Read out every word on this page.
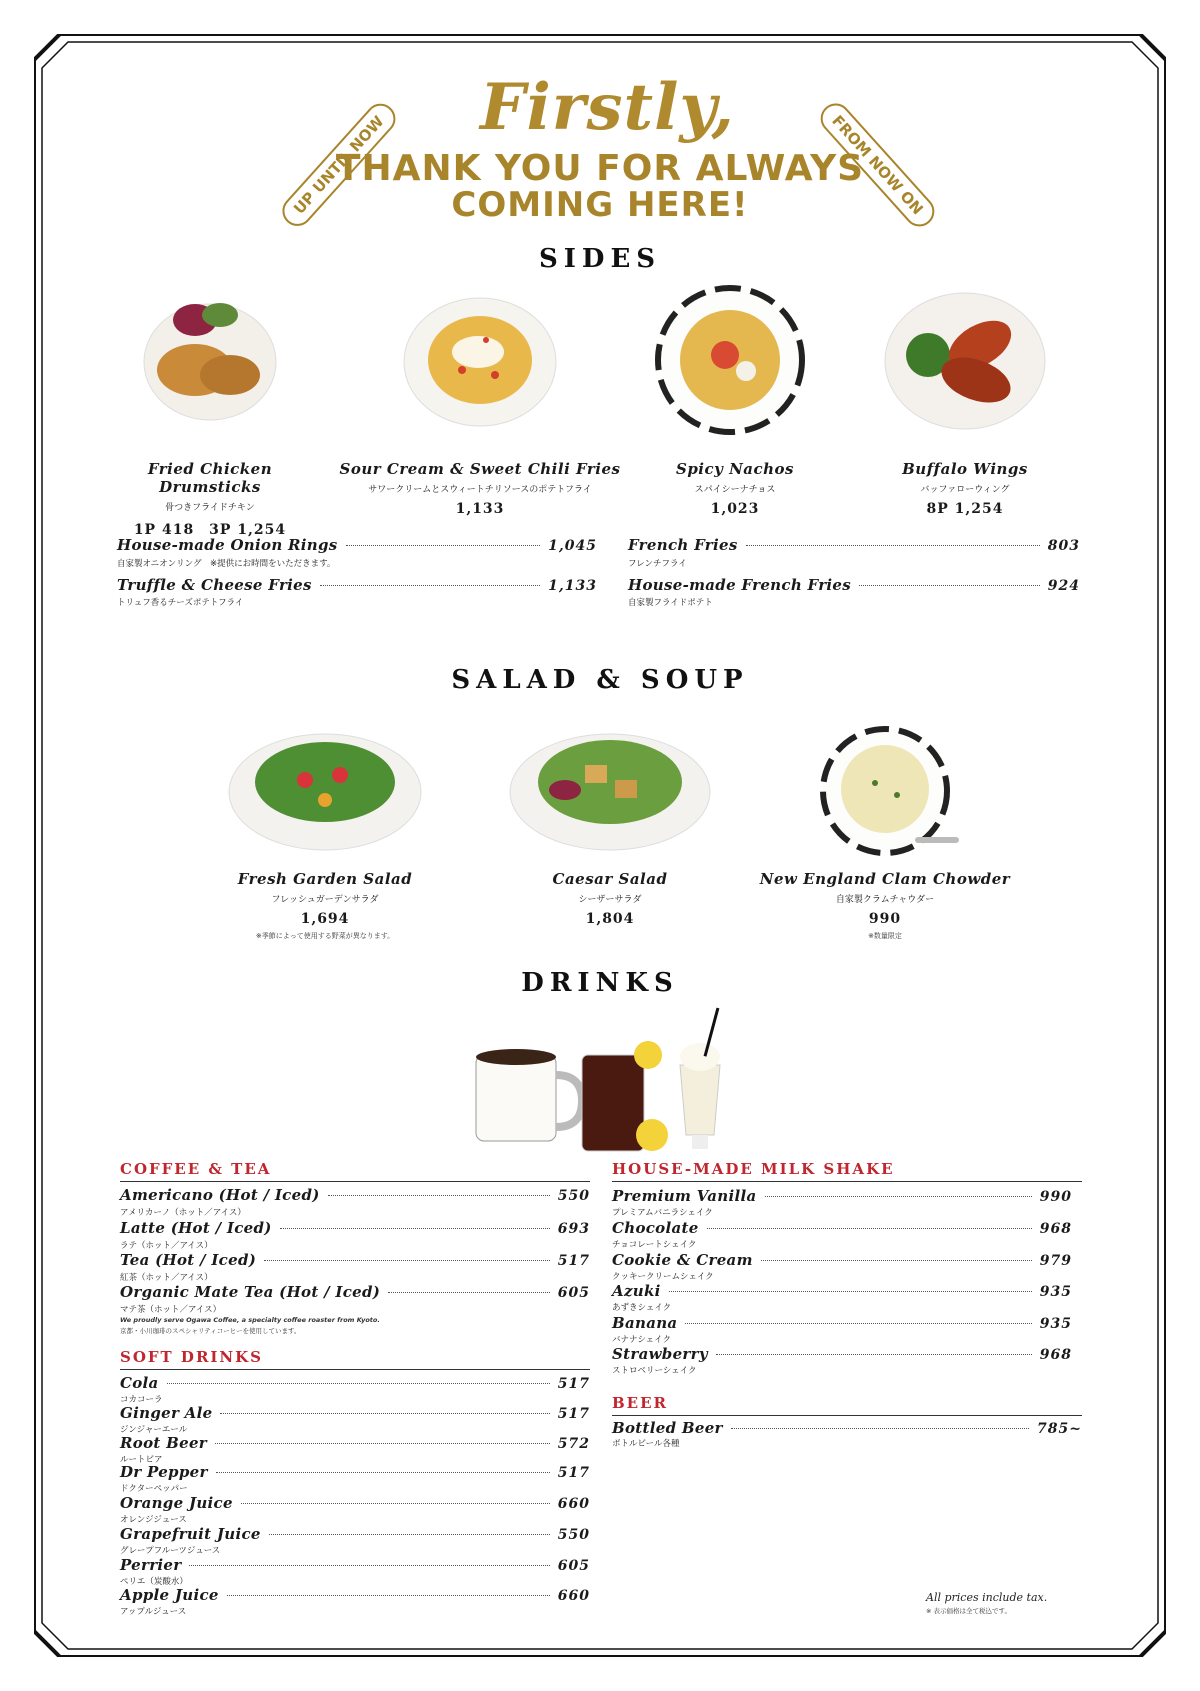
Firstly,
UP UNTIL NOW	FROM NOW ON
THANK YOU FOR ALWAYS
COMING HERE!
SIDES
Fried Chicken Drumsticks
骨つきフライドチキン
1P 418　3P 1,254
Sour Cream & Sweet Chili Fries
サワークリームとスウィートチリソースのポテトフライ
1,133
Spicy Nachos
スパイシーナチョス
1,023
Buffalo Wings
バッファローウィング
8P 1,254
House-made Onion Rings	1,045
自家製オニオンリング　※提供にお時間をいただきます。
Truffle & Cheese Fries	1,133
トリュフ香るチーズポテトフライ
French Fries	803
フレンチフライ
House-made French Fries	924
自家製フライドポテト
SALAD & SOUP
Fresh Garden Salad
フレッシュガーデンサラダ
1,694
※季節によって使用する野菜が異なります。
Caesar Salad
シーザーサラダ
1,804
New England Clam Chowder
自家製クラムチャウダー
990
※数量限定
DRINKS
COFFEE & TEA
Americano (Hot / Iced)	550
アメリカーノ（ホット／アイス）
Latte (Hot / Iced)	693
ラテ（ホット／アイス）
Tea (Hot / Iced)	517
紅茶（ホット／アイス）
Organic Mate Tea (Hot / Iced)	605
マテ茶（ホット／アイス）
We proudly serve Ogawa Coffee, a specialty coffee roaster from Kyoto.
京都・小川珈琲のスペシャリティコーヒーを使用しています。
SOFT DRINKS
Cola	517
コカコーラ
Ginger Ale	517
ジンジャーエール
Root Beer	572
ルートビア
Dr Pepper	517
ドクターペッパー
Orange Juice	660
オレンジジュース
Grapefruit Juice	550
グレープフルーツジュース
Perrier	605
ペリエ（炭酸水）
Apple Juice	660
アップルジュース
HOUSE-MADE MILK SHAKE
Premium Vanilla	990
プレミアムバニラシェイク
Chocolate	968
チョコレートシェイク
Cookie & Cream	979
クッキークリームシェイク
Azuki	935
あずきシェイク
Banana	935
バナナシェイク
Strawberry	968
ストロベリーシェイク
BEER
Bottled Beer	785~
ボトルビール各種
All prices include tax.
※ 表示価格は全て税込です。
